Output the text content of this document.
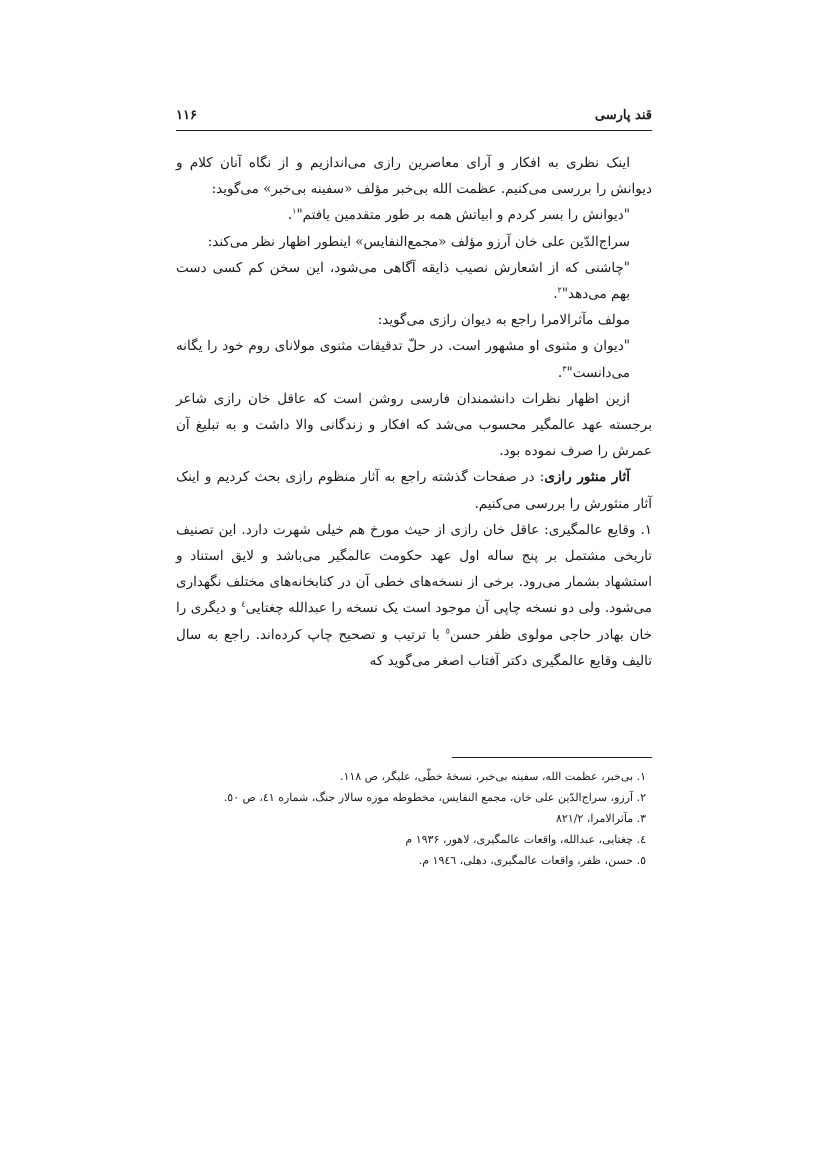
قند پارسی
۱۱۶

اینک نظری به افکار و آرای معاصرین رازی می‌اندازیم و از نگاه آنان کلام و دیوانش را بررسی می‌کنیم. عظمت الله بی‌خبر مؤلف «سفینه بی‌خبر» می‌گوید:

"دیوانش را بسر کردم و ابیاتش همه بر طور متقدمین یافتم"$^۱$.

سراج‌الدّین علی خان آرزو مؤلف «مجمع‌النفایس» اینطور اظهار نظر می‌کند:

"چاشنی که از اشعارش نصیب ذایقه آگاهی می‌شود، این سخن کم کسی دست بهم می‌دهد"$^۲$.

مولف مآثرالامرا راجع به دیوان رازی می‌گوید:

"دیوان و مثنوی او مشهور است. در حلّ تدقیقات مثنوی مولانای روم خود را یگانه می‌دانست"$^۳$.

ازین اظهار نظرات دانشمندان فارسی روشن است که عاقل خان رازی شاعر برجسته عهد عالمگیر محسوب می‌شد که افکار و زندگانی والا داشت و به تبلیغ آن عمرش را صرف نموده بود.

آثار منثور رازی: در صفحات گذشته راجع به آثار منظوم رازی بحث کردیم و اینک آثار منثورش را بررسی می‌کنیم.

۱. وقایع عالمگیری: عاقل خان رازی از حیث مورخ هم خیلی شهرت دارد. این تصنیف تاریخی مشتمل بر پنج ساله اول عهد حکومت عالمگیر می‌باشد و لایق استناد و استشهاد بشمار می‌رود. برخی از نسخه‌های خطی آن در کتابخانه‌های مختلف نگهداری می‌شود. ولی دو نسخه چاپی آن موجود است یک نسخه را عبدالله چغتایی$^٤$ و دیگری را خان بهادر حاجی مولوی ظفر حسن$^٥$ با ترتیب و تصحیح چاپ کرده‌اند. راجع به سال تالیف وقایع عالمگیری دکتر آفتاب اصغر می‌گوید که

۱. بی‌خبر، عظمت الله، سفینه بی‌خبر، نسخهٔ خطّی، علیگر، ص ۱۱۸.

۲. آرزو، سراج‌الدّین علی خان، مجمع النفایس، مخطوطه موزه سالار جنگ، شماره ٤۱، ص ٥۰.

۳. مآثرالامرا، ۸۲۱/۲

٤. چغتایی، عبدالله، واقعات عالمگیری، لاهور، ۱۹۳۶ م

٥. حسن، ظفر، واقعات عالمگیری، دهلی، ۱۹٤٦ م.
